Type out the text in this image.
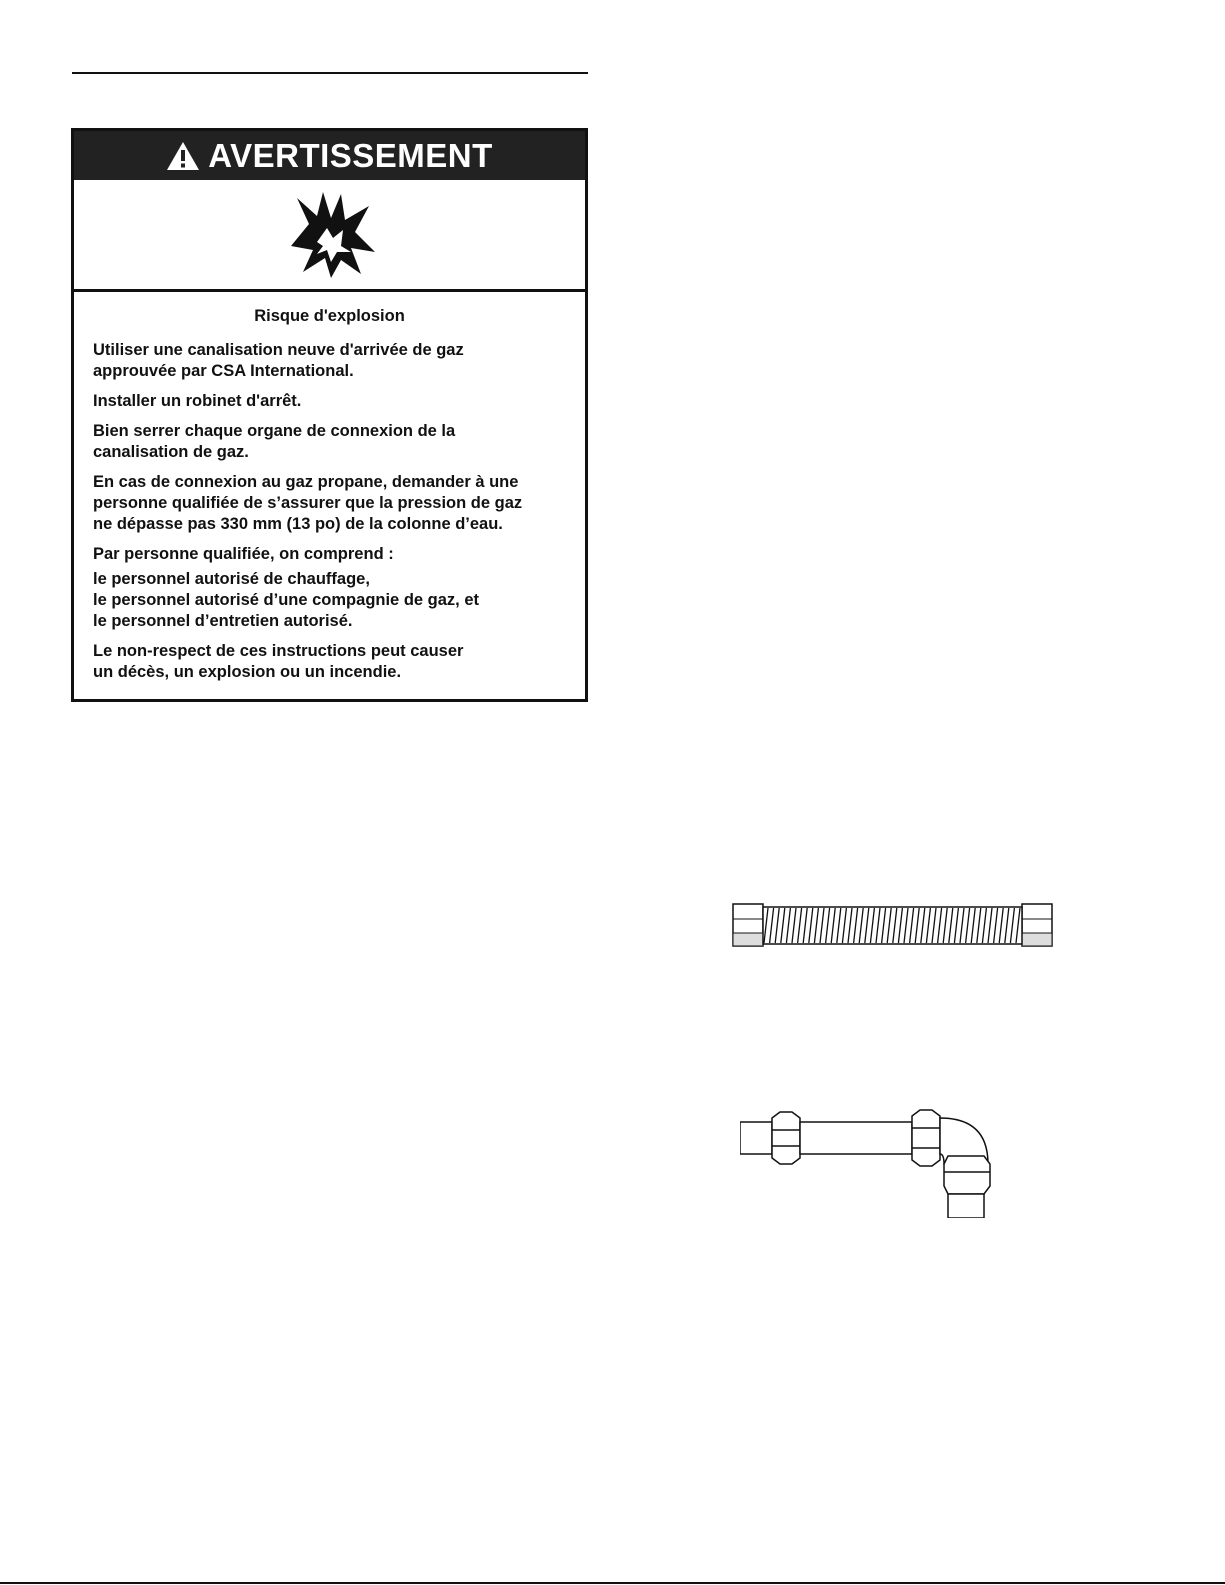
AVERTISSEMENT
Risque d'explosion
Utiliser une canalisation neuve d'arrivée de gaz
approuvée par CSA International.
Installer un robinet d'arrêt.
Bien serrer chaque organe de connexion de la
canalisation de gaz.
En cas de connexion au gaz propane, demander à une
personne qualifiée de s’assurer que la pression de gaz
ne dépasse pas 330 mm (13 po) de la colonne d’eau.
Par personne qualifiée, on comprend :
le personnel autorisé de chauffage,
le personnel autorisé d’une compagnie de gaz, et
le personnel d’entretien autorisé.
Le non-respect de ces instructions peut causer
un décès, un explosion ou un incendie.
